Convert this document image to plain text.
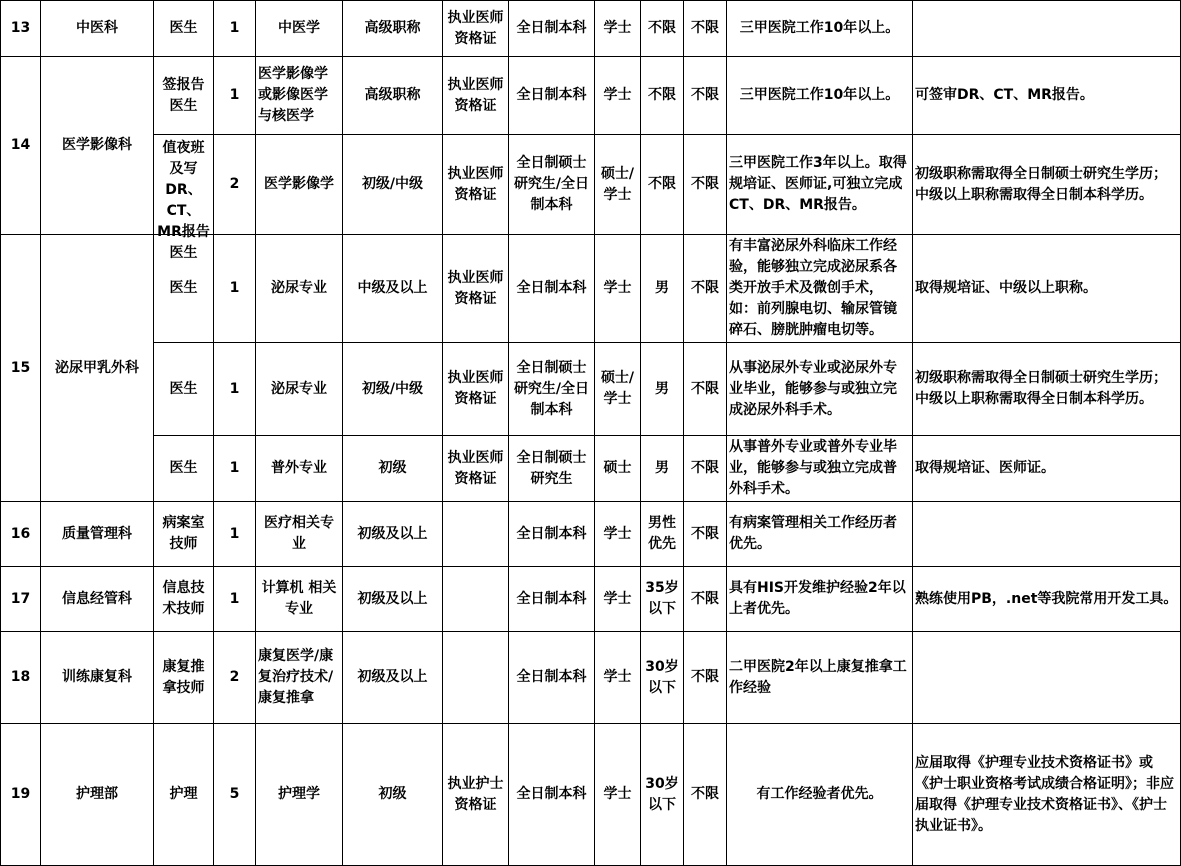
13	中医科	医生	1	中医学	高级职称	执业医师资格证	全日制本科	学士	不限	不限	三甲医院工作10年以上。	
14	医学影像科	签报告医生	1	医学影像学或影像医学与核医学	高级职称	执业医师资格证	全日制本科	学士	不限	不限	三甲医院工作10年以上。	可签审DR、CT、MR报告。

		值夜班及写DR、CT、MR报告医生	2	医学影像学	初级/中级	执业医师资格证	全日制硕士研究生/全日制本科	硕士/学士	不限	不限	三甲医院工作3年以上。取得规培证、医师证,可独立完成CT、DR、MR报告。	初级职称需取得全日制硕士研究生学历；中级以上职称需取得全日制本科学历。
15	泌尿甲乳外科	医生	1	泌尿专业	中级及以上	执业医师资格证	全日制本科	学士	男	不限	有丰富泌尿外科临床工作经验，能够独立完成泌尿系各类开放手术及微创手术，如：前列腺电切、输尿管镜碎石、膀胱肿瘤电切等。	取得规培证、中级以上职称。
		医生	1	泌尿专业	初级/中级	执业医师资格证	全日制硕士研究生/全日制本科	硕士/学士	男	不限	从事泌尿外专业或泌尿外专业毕业，能够参与或独立完成泌尿外科手术。	初级职称需取得全日制硕士研究生学历；中级以上职称需取得全日制本科学历。
		医生	1	普外专业	初级	执业医师资格证	全日制硕士研究生	硕士	男	不限	从事普外专业或普外专业毕业，能够参与或独立完成普外科手术。	取得规培证、医师证。
16	质量管理科	病案室技师	1	医疗相关专业	初级及以上		全日制本科	学士	男性优先	不限	有病案管理相关工作经历者优先。	
17	信息经管科	信息技术技师	1	计算机 相关专业	初级及以上		全日制本科	学士	35岁以下	不限	具有HIS开发维护经验2年以上者优先。	熟练使用PB，.net等我院常用开发工具。
18	训练康复科	康复推拿技师	2	康复医学/康复治疗技术/康复推拿	初级及以上		全日制本科	学士	30岁以下	不限	二甲医院2年以上康复推拿工作经验	
19	护理部	护理	5	护理学	初级	执业护士资格证	全日制本科	学士	30岁以下	不限	有工作经验者优先。	应届取得《护理专业技术资格证书》或《护士职业资格考试成绩合格证明》；非应届取得《护理专业技术资格证书》、《护士执业证书》。
